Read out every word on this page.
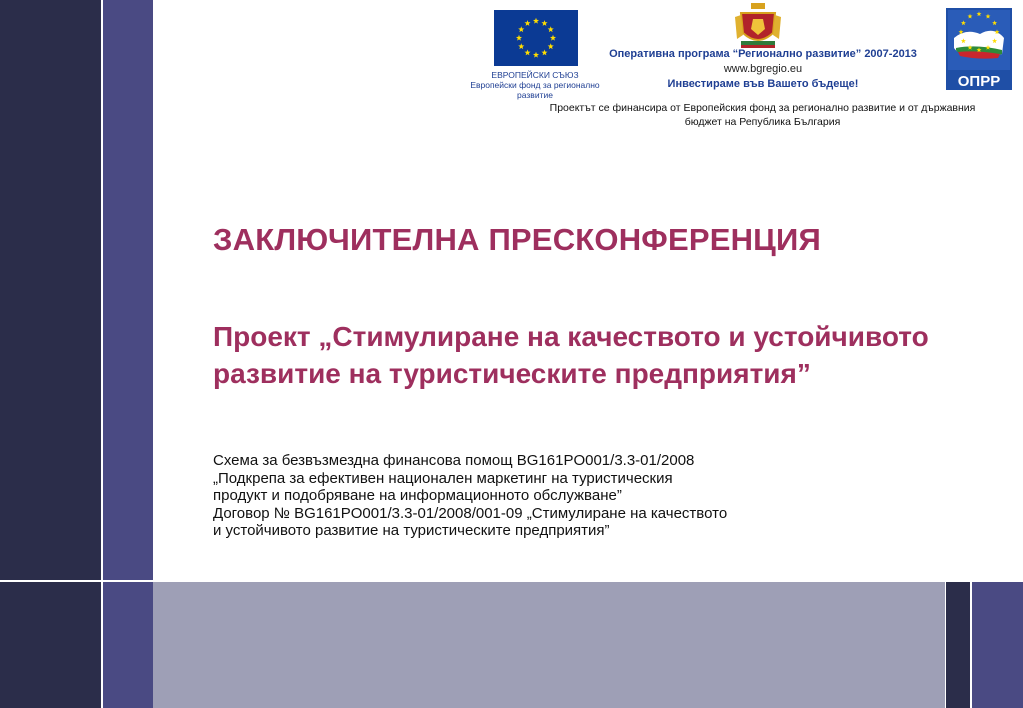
ЕВРОПЕЙСКИ СЪЮЗ
Европейски фонд за регионално
развитие
Оперативна програма “Регионално развитие” 2007-2013
www.bgregio.eu
Инвестираме във Вашето бъдеще!
Проектът се финансира от Европейския фонд за регионално развитие и от държавния бюджет на Република България
ОПРР
ЗАКЛЮЧИТЕЛНА ПРЕСКОНФЕРЕНЦИЯ
Проект „Стимулиране на качеството и устойчивото развитие на туристическите предприятия”
Схема за безвъзмездна финансова помощ BG161PO001/3.3-01/2008
„Подкрепа за ефективен национален маркетинг на туристическия
продукт и подобряване на информационното обслужване”
Договор № BG161PO001/3.3-01/2008/001-09 „Стимулиране на качеството
и устойчивото развитие на туристическите предприятия”
